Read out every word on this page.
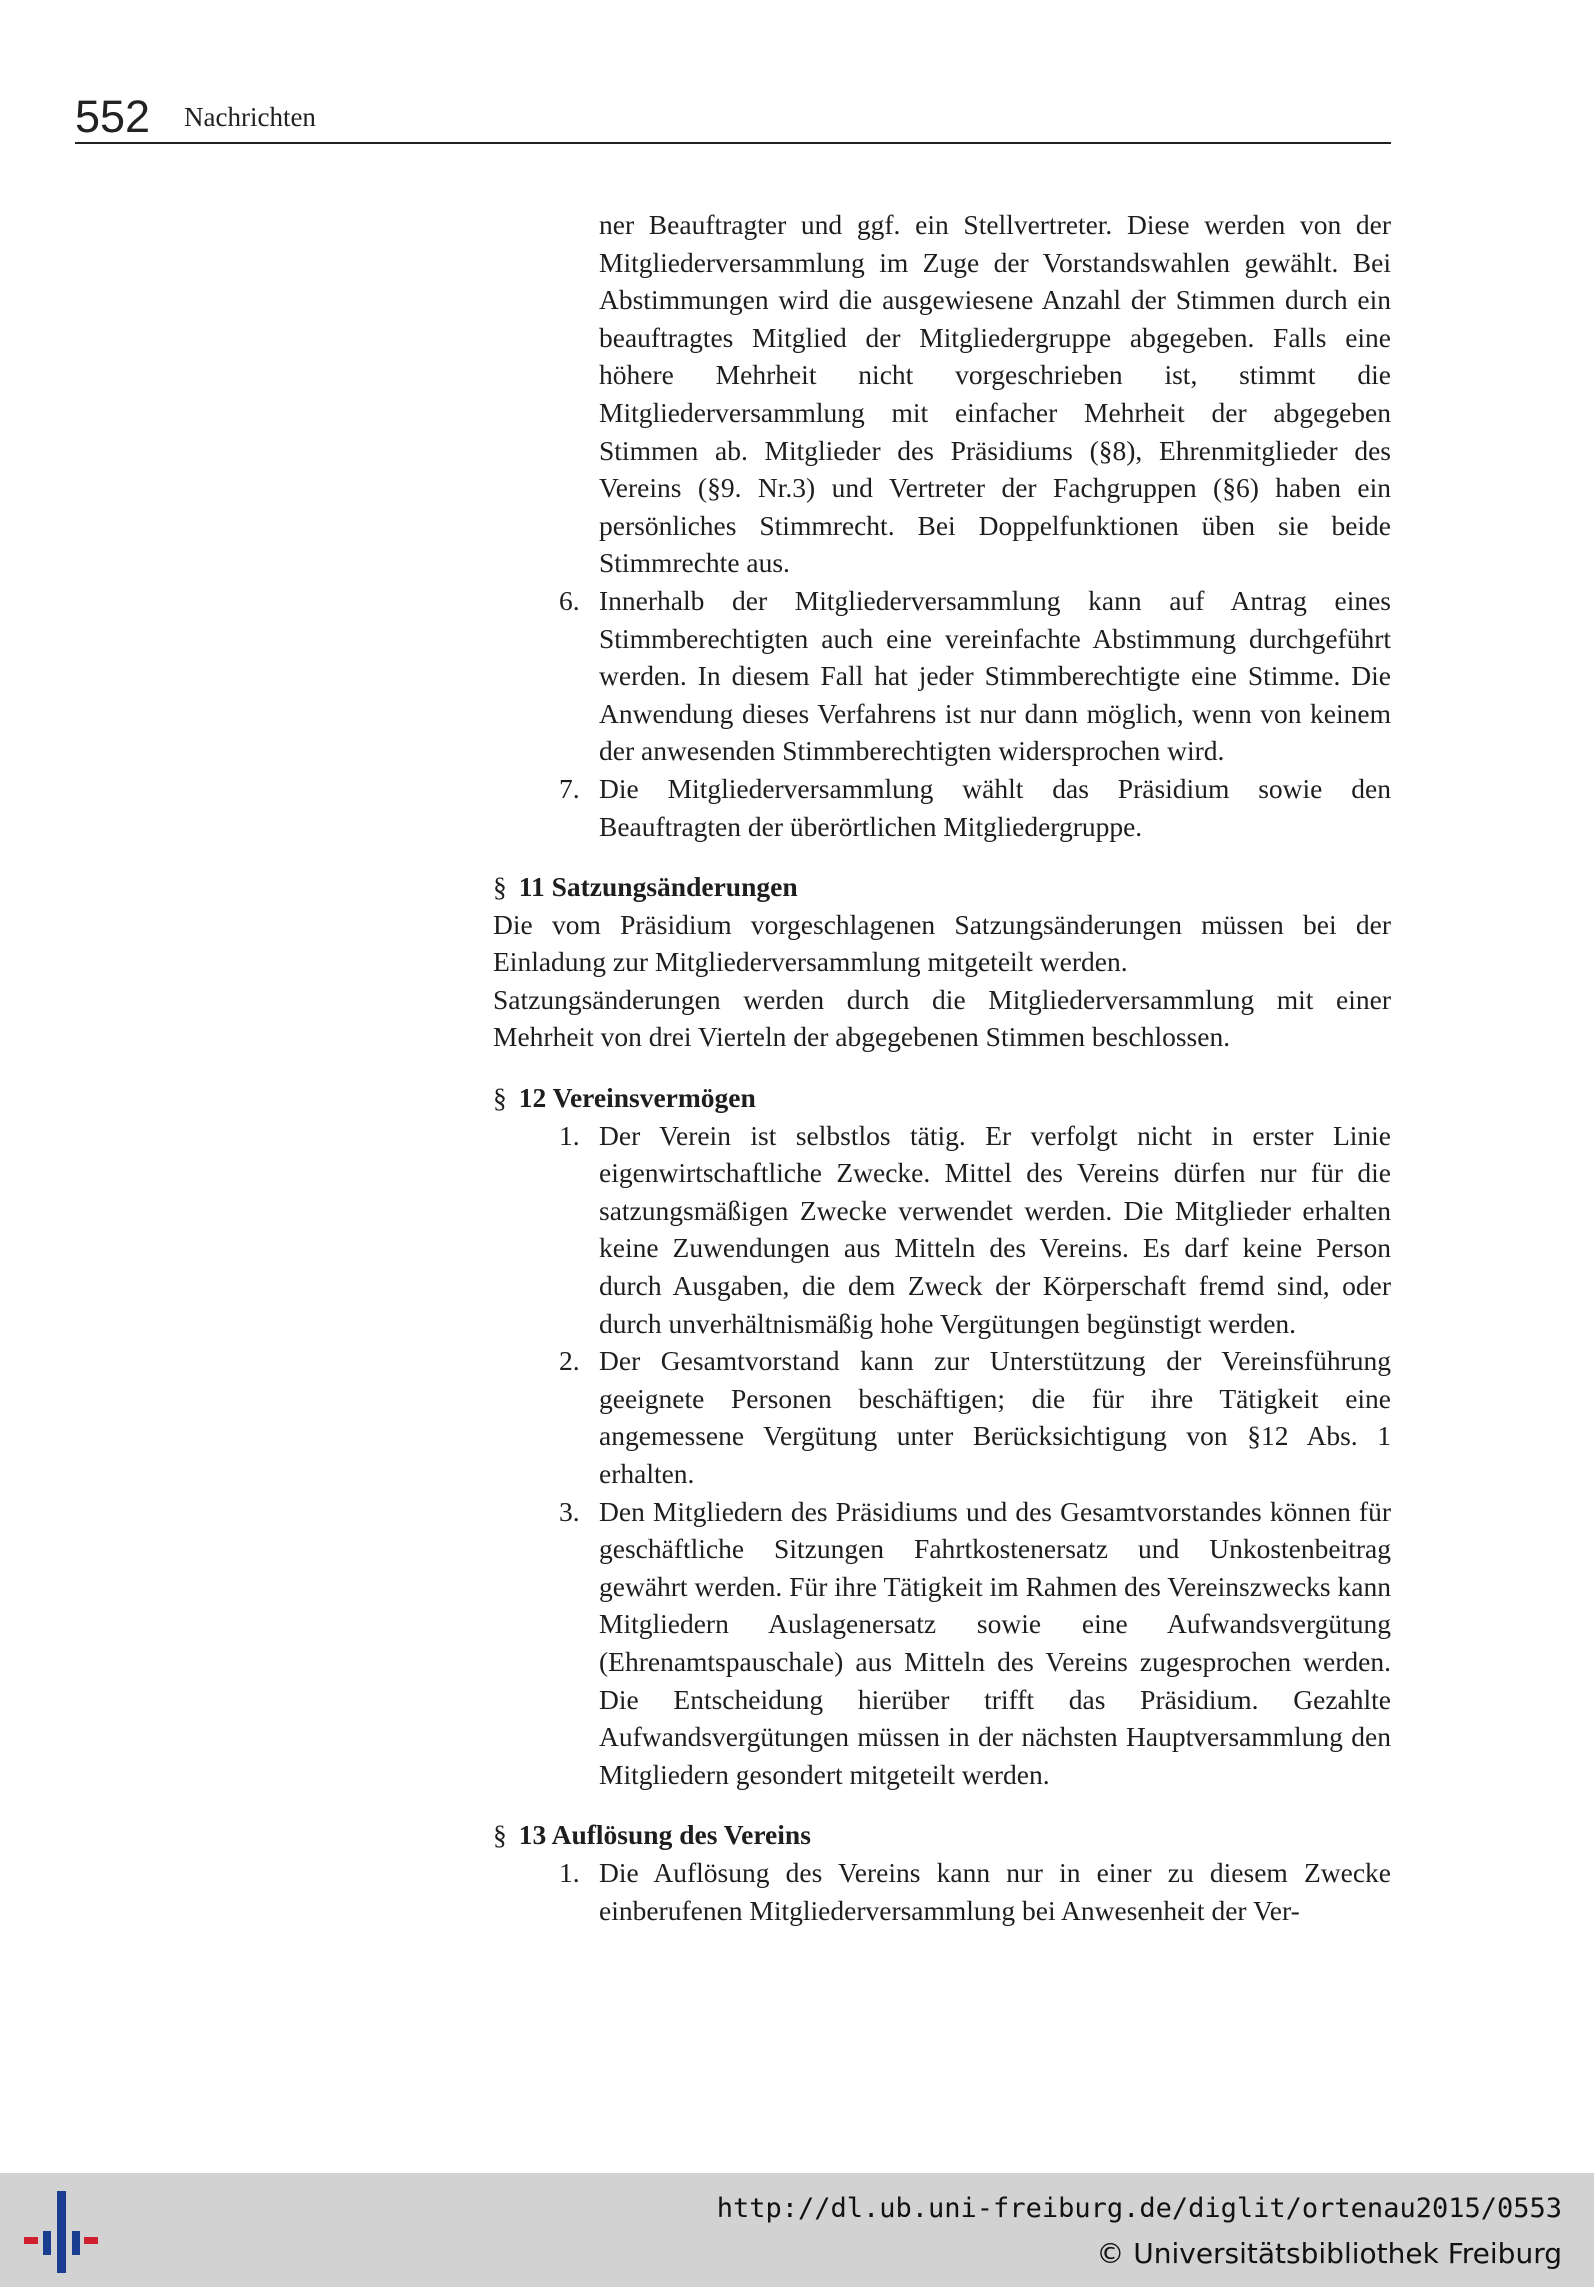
552 Nachrichten

ner Beauftragter und ggf. ein Stellvertreter. Diese werden von der Mitgliederversammlung im Zuge der Vorstandswahlen gewählt. Bei Abstimmungen wird die ausgewiesene Anzahl der Stimmen durch ein beauftragtes Mitglied der Mitgliedergruppe abgegeben. Falls eine höhere Mehrheit nicht vorgeschrieben ist, stimmt die Mitgliederversammlung mit einfacher Mehrheit der abgegeben Stimmen ab. Mitglieder des Präsidiums (§8), Ehrenmitglieder des Vereins (§9. Nr.3) und Vertreter der Fachgruppen (§6) haben ein persönliches Stimmrecht. Bei Doppelfunktionen üben sie beide Stimmrechte aus.

6. Innerhalb der Mitgliederversammlung kann auf Antrag eines Stimmberechtigten auch eine vereinfachte Abstimmung durchgeführt werden. In diesem Fall hat jeder Stimmberechtigte eine Stimme. Die Anwendung dieses Verfahrens ist nur dann möglich, wenn von keinem der anwesenden Stimmberechtigten widersprochen wird.

7. Die Mitgliederversammlung wählt das Präsidium sowie den Beauftragten der überörtlichen Mitgliedergruppe.

§ 11 Satzungsänderungen

Die vom Präsidium vorgeschlagenen Satzungsänderungen müssen bei der Einladung zur Mitgliederversammlung mitgeteilt werden.

Satzungsänderungen werden durch die Mitgliederversammlung mit einer Mehrheit von drei Vierteln der abgegebenen Stimmen beschlossen.

§ 12 Vereinsvermögen

1. Der Verein ist selbstlos tätig. Er verfolgt nicht in erster Linie eigenwirtschaftliche Zwecke. Mittel des Vereins dürfen nur für die satzungsmäßigen Zwecke verwendet werden. Die Mitglieder erhalten keine Zuwendungen aus Mitteln des Vereins. Es darf keine Person durch Ausgaben, die dem Zweck der Körperschaft fremd sind, oder durch unverhältnismäßig hohe Vergütungen begünstigt werden.

2. Der Gesamtvorstand kann zur Unterstützung der Vereinsführung geeignete Personen beschäftigen; die für ihre Tätigkeit eine angemessene Vergütung unter Berücksichtigung von §12 Abs. 1 erhalten.

3. Den Mitgliedern des Präsidiums und des Gesamtvorstandes können für geschäftliche Sitzungen Fahrtkostenersatz und Unkostenbeitrag gewährt werden. Für ihre Tätigkeit im Rahmen des Vereinszwecks kann Mitgliedern Auslagenersatz sowie eine Aufwandsvergütung (Ehrenamtspauschale) aus Mitteln des Vereins zugesprochen werden. Die Entscheidung hierüber trifft das Präsidium. Gezahlte Aufwandsvergütungen müssen in der nächsten Hauptversammlung den Mitgliedern gesondert mitgeteilt werden.

§ 13 Auflösung des Vereins

1. Die Auflösung des Vereins kann nur in einer zu diesem Zwecke einberufenen Mitgliederversammlung bei Anwesenheit der Ver-

http://dl.ub.uni-freiburg.de/diglit/ortenau2015/0553
© Universitätsbibliothek Freiburg
